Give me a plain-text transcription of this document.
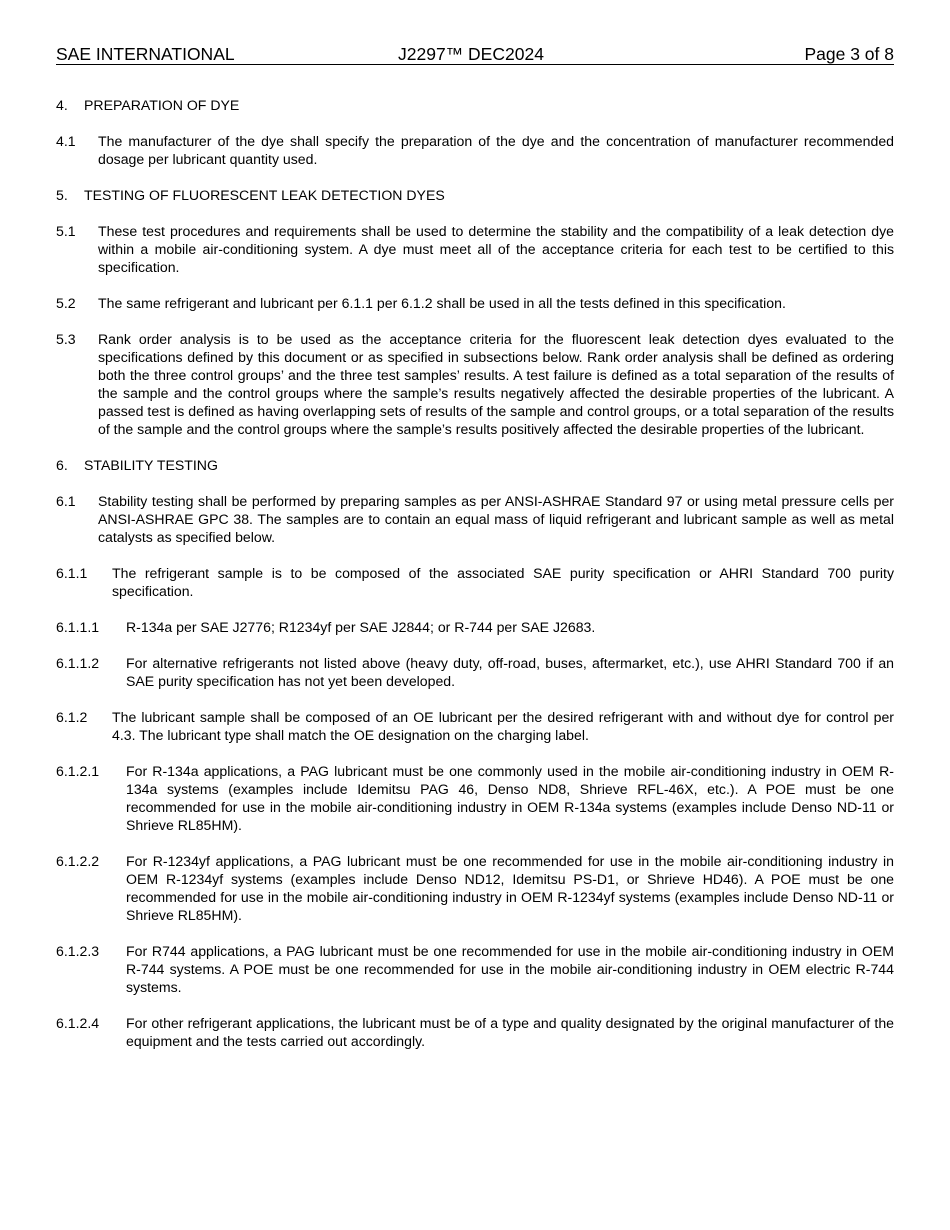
SAE INTERNATIONAL	J2297™ DEC2024	Page 3 of 8
4. PREPARATION OF DYE
4.1	The manufacturer of the dye shall specify the preparation of the dye and the concentration of manufacturer recommended dosage per lubricant quantity used.
5. TESTING OF FLUORESCENT LEAK DETECTION DYES
5.1	These test procedures and requirements shall be used to determine the stability and the compatibility of a leak detection dye within a mobile air-conditioning system. A dye must meet all of the acceptance criteria for each test to be certified to this specification.
5.2	The same refrigerant and lubricant per 6.1.1 per 6.1.2 shall be used in all the tests defined in this specification.
5.3	Rank order analysis is to be used as the acceptance criteria for the fluorescent leak detection dyes evaluated to the specifications defined by this document or as specified in subsections below. Rank order analysis shall be defined as ordering both the three control groups’ and the three test samples’ results. A test failure is defined as a total separation of the results of the sample and the control groups where the sample’s results negatively affected the desirable properties of the lubricant. A passed test is defined as having overlapping sets of results of the sample and control groups, or a total separation of the results of the sample and the control groups where the sample’s results positively affected the desirable properties of the lubricant.
6. STABILITY TESTING
6.1	Stability testing shall be performed by preparing samples as per ANSI-ASHRAE Standard 97 or using metal pressure cells per ANSI-ASHRAE GPC 38. The samples are to contain an equal mass of liquid refrigerant and lubricant sample as well as metal catalysts as specified below.
6.1.1	The refrigerant sample is to be composed of the associated SAE purity specification or AHRI Standard 700 purity specification.
6.1.1.1	R-134a per SAE J2776; R1234yf per SAE J2844; or R-744 per SAE J2683.
6.1.1.2	For alternative refrigerants not listed above (heavy duty, off-road, buses, aftermarket, etc.), use AHRI Standard 700 if an SAE purity specification has not yet been developed.
6.1.2	The lubricant sample shall be composed of an OE lubricant per the desired refrigerant with and without dye for control per 4.3. The lubricant type shall match the OE designation on the charging label.
6.1.2.1	For R-134a applications, a PAG lubricant must be one commonly used in the mobile air-conditioning industry in OEM R-134a systems (examples include Idemitsu PAG 46, Denso ND8, Shrieve RFL-46X, etc.). A POE must be one recommended for use in the mobile air-conditioning industry in OEM R-134a systems (examples include Denso ND-11 or Shrieve RL85HM).
6.1.2.2	For R-1234yf applications, a PAG lubricant must be one recommended for use in the mobile air-conditioning industry in OEM R-1234yf systems (examples include Denso ND12, Idemitsu PS-D1, or Shrieve HD46). A POE must be one recommended for use in the mobile air-conditioning industry in OEM R-1234yf systems (examples include Denso ND-11 or Shrieve RL85HM).
6.1.2.3	For R744 applications, a PAG lubricant must be one recommended for use in the mobile air-conditioning industry in OEM R-744 systems. A POE must be one recommended for use in the mobile air-conditioning industry in OEM electric R-744 systems.
6.1.2.4	For other refrigerant applications, the lubricant must be of a type and quality designated by the original manufacturer of the equipment and the tests carried out accordingly.
